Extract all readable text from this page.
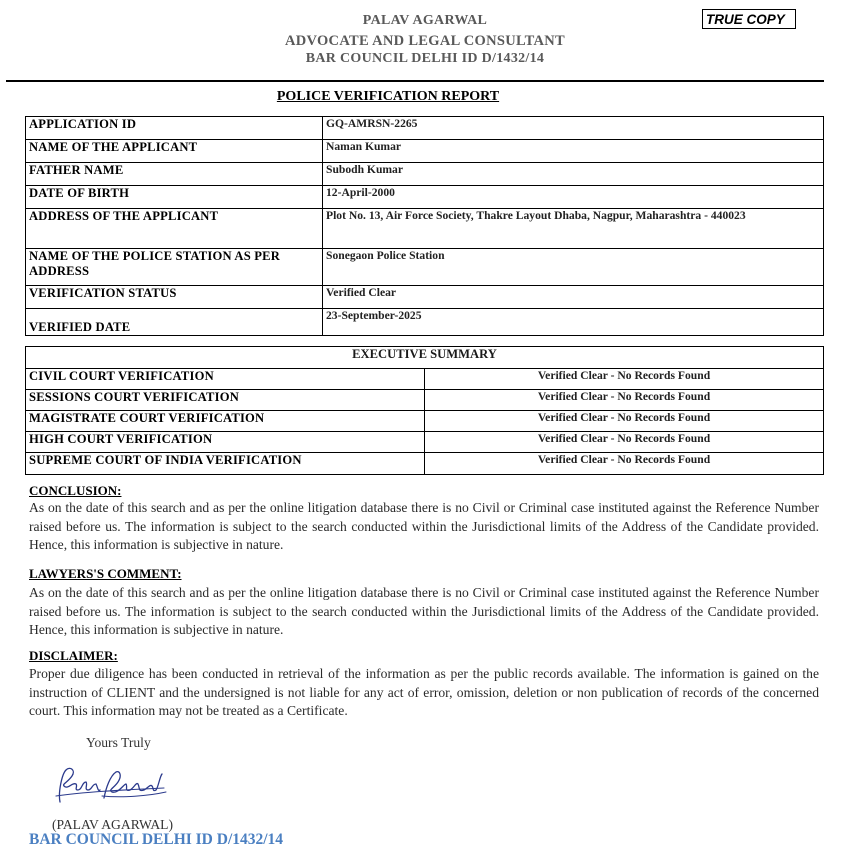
PALAV AGARWAL
ADVOCATE AND LEGAL CONSULTANT
BAR COUNCIL DELHI ID D/1432/14
TRUE COPY
POLICE VERIFICATION REPORT
APPLICATION ID	GQ-AMRSN-2265
NAME OF THE APPLICANT	Naman Kumar
FATHER NAME	Subodh Kumar
DATE OF BIRTH	12-April-2000
ADDRESS OF THE APPLICANT	Plot No. 13, Air Force Society, Thakre Layout Dhaba, Nagpur, Maharashtra - 440023
NAME OF THE POLICE STATION AS PER ADDRESS	Sonegaon Police Station
VERIFICATION STATUS	Verified Clear
VERIFIED DATE	23-September-2025
EXECUTIVE SUMMARY	
CIVIL COURT VERIFICATION	Verified Clear - No Records Found
SESSIONS COURT VERIFICATION	Verified Clear - No Records Found
MAGISTRATE COURT VERIFICATION	Verified Clear - No Records Found
HIGH COURT VERIFICATION	Verified Clear - No Records Found
SUPREME COURT OF INDIA VERIFICATION	Verified Clear - No Records Found
CONCLUSION:
As on the date of this search and as per the online litigation database there is no Civil or Criminal case instituted against the Reference Number raised before us. The information is subject to the search conducted within the Jurisdictional limits of the Address of the Candidate provided. Hence, this information is subjective in nature.
LAWYERS'S COMMENT:
As on the date of this search and as per the online litigation database there is no Civil or Criminal case instituted against the Reference Number raised before us. The information is subject to the search conducted within the Jurisdictional limits of the Address of the Candidate provided. Hence, this information is subjective in nature.
DISCLAIMER:
Proper due diligence has been conducted in retrieval of the information as per the public records available. The information is gained on the instruction of CLIENT and the undersigned is not liable for any act of error, omission, deletion or non publication of records of the concerned court. This information may not be treated as a Certificate.
Yours Truly
(PALAV AGARWAL)
BAR COUNCIL DELHI ID D/1432/14
